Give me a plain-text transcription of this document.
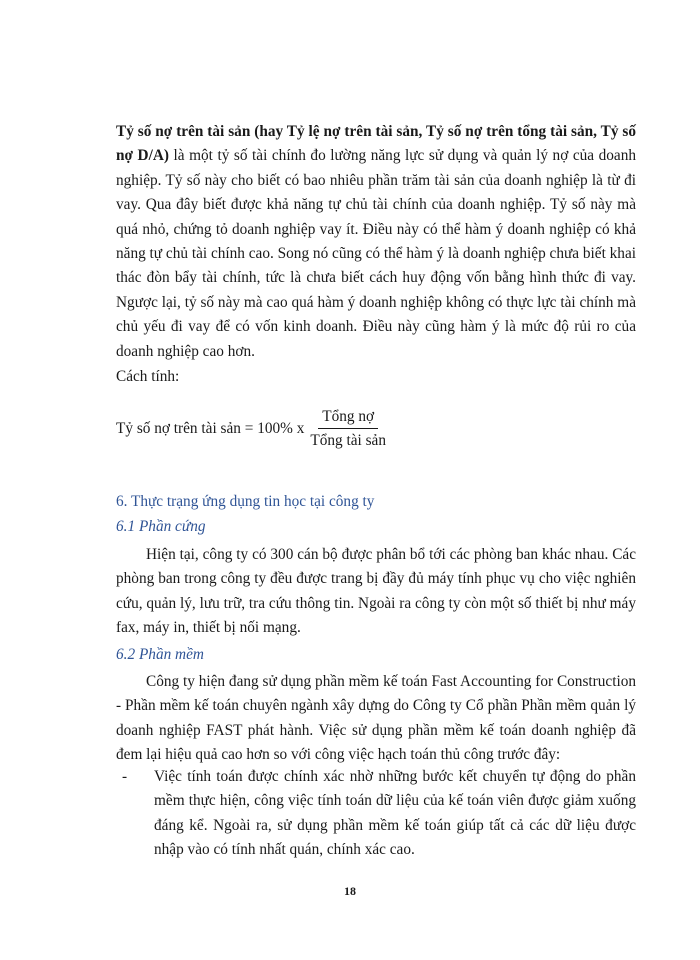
Tỷ số nợ trên tài sản (hay Tỷ lệ nợ trên tài sản, Tỷ số nợ trên tổng tài sản, Tỷ số nợ D/A) là một tỷ số tài chính đo lường năng lực sử dụng và quản lý nợ của doanh nghiệp. Tỷ số này cho biết có bao nhiêu phần trăm tài sản của doanh nghiệp là từ đi vay. Qua đây biết được khả năng tự chủ tài chính của doanh nghiệp. Tỷ số này mà quá nhỏ, chứng tỏ doanh nghiệp vay ít. Điều này có thể hàm ý doanh nghiệp có khả năng tự chủ tài chính cao. Song nó cũng có thể hàm ý là doanh nghiệp chưa biết khai thác đòn bẩy tài chính, tức là chưa biết cách huy động vốn bằng hình thức đi vay. Ngược lại, tỷ số này mà cao quá hàm ý doanh nghiệp không có thực lực tài chính mà chủ yếu đi vay để có vốn kinh doanh. Điều này cũng hàm ý là mức độ rủi ro của doanh nghiệp cao hơn.
Cách tính:
Tỷ số nợ trên tài sản = 100% x $\frac{\text{Tổng nợ}}{\text{Tổng tài sản}}$
6. Thực trạng ứng dụng tin học tại công ty
6.1 Phần cứng
Hiện tại, công ty có 300 cán bộ được phân bổ tới các phòng ban khác nhau. Các phòng ban trong công ty đều được trang bị đầy đủ máy tính phục vụ cho việc nghiên cứu, quản lý, lưu trữ, tra cứu thông tin. Ngoài ra công ty còn một số thiết bị như máy fax, máy in, thiết bị nối mạng.
6.2 Phần mềm
Công ty hiện đang sử dụng phần mềm kế toán Fast Accounting for Construction - Phần mềm kế toán chuyên ngành xây dựng do Công ty Cổ phần Phần mềm quản lý doanh nghiệp FAST phát hành. Việc sử dụng phần mềm kế toán doanh nghiệp đã đem lại hiệu quả cao hơn so với công việc hạch toán thủ công trước đây:
-	Việc tính toán được chính xác nhờ những bước kết chuyển tự động do phần mềm thực hiện, công việc tính toán dữ liệu của kế toán viên được giảm xuống đáng kể. Ngoài ra, sử dụng phần mềm kế toán giúp tất cả các dữ liệu được nhập vào có tính nhất quán, chính xác cao.
18
